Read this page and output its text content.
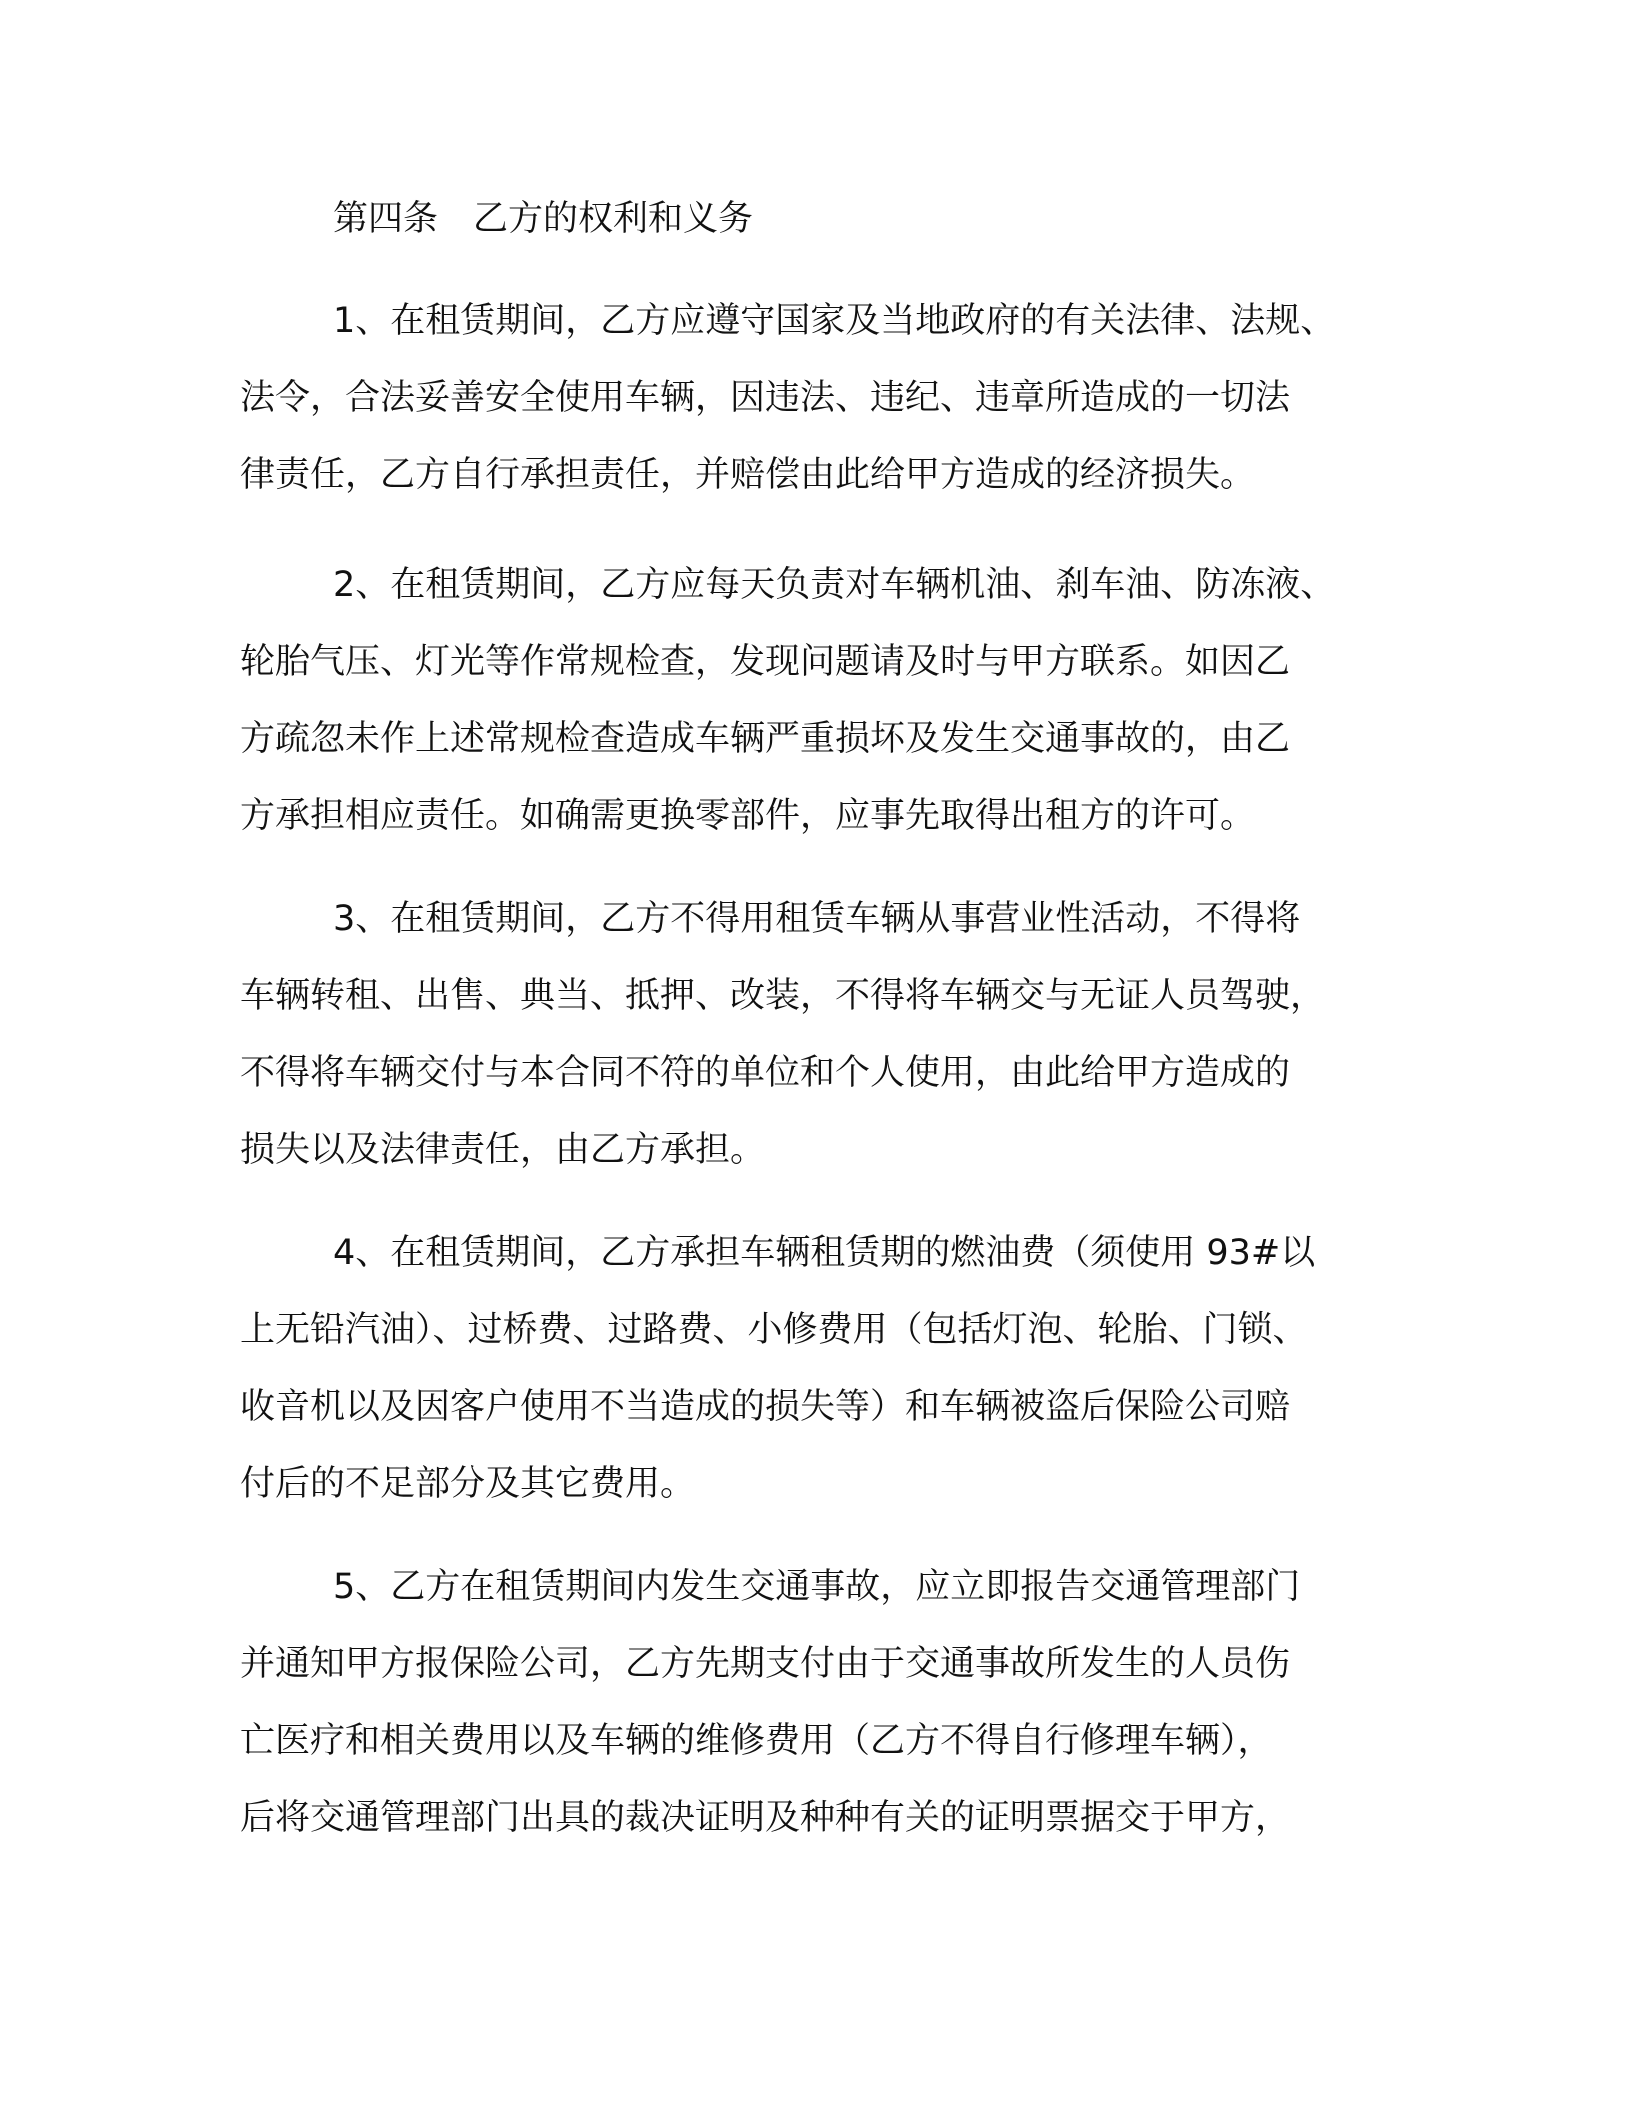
第四条　乙方的权利和义务
1、在租赁期间，乙方应遵守国家及当地政府的有关法律、法规、
法令，合法妥善安全使用车辆，因违法、违纪、违章所造成的一切法
律责任，乙方自行承担责任，并赔偿由此给甲方造成的经济损失。
2、在租赁期间，乙方应每天负责对车辆机油、刹车油、防冻液、
轮胎气压、灯光等作常规检查，发现问题请及时与甲方联系。如因乙
方疏忽未作上述常规检查造成车辆严重损坏及发生交通事故的，由乙
方承担相应责任。如确需更换零部件，应事先取得出租方的许可。
3、在租赁期间，乙方不得用租赁车辆从事营业性活动，不得将
车辆转租、出售、典当、抵押、改装，不得将车辆交与无证人员驾驶，
不得将车辆交付与本合同不符的单位和个人使用，由此给甲方造成的
损失以及法律责任，由乙方承担。
4、在租赁期间，乙方承担车辆租赁期的燃油费（须使用 93#以
上无铅汽油）、过桥费、过路费、小修费用（包括灯泡、轮胎、门锁、
收音机以及因客户使用不当造成的损失等）和车辆被盗后保险公司赔
付后的不足部分及其它费用。
5、乙方在租赁期间内发生交通事故，应立即报告交通管理部门
并通知甲方报保险公司，乙方先期支付由于交通事故所发生的人员伤
亡医疗和相关费用以及车辆的维修费用（乙方不得自行修理车辆），
后将交通管理部门出具的裁决证明及种种有关的证明票据交于甲方，
